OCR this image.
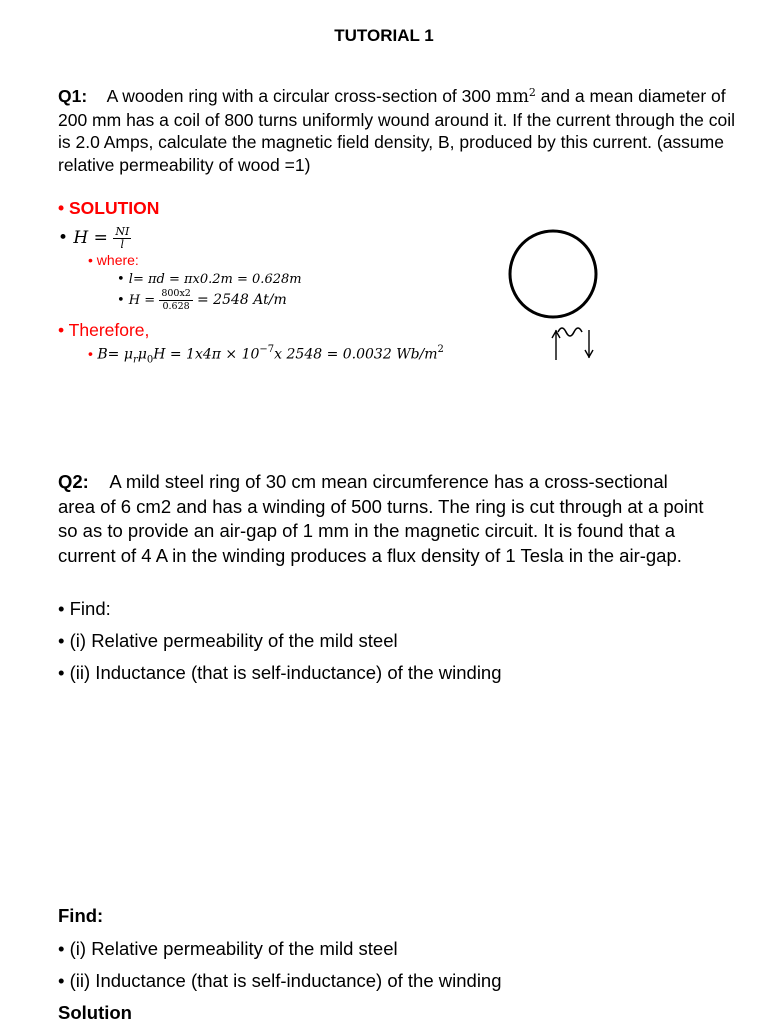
TUTORIAL 1
Q1: A wooden ring with a circular cross-section of 300 $mm^2$ and a mean diameter of 200 mm has a coil of 800 turns uniformly wound around it. If the current through the coil is 2.0 Amps, calculate the magnetic field density, B, produced by this current. (assume relative permeability of wood =1)
• SOLUTION
• $H = \frac{NI}{l}$
• where:
• l= πd = πx0.2m = 0.628m
• $H = \frac{800x2}{0.628} = 2548$ At/m
• Therefore,
• $B= \mu_r\mu_0H = 1x4\pi \times 10^{-7}x$ 2548 = 0.0032 $Wb/m^2$
Q2: A mild steel ring of 30 cm mean circumference has a cross-sectional area of 6 cm2 and has a winding of 500 turns. The ring is cut through at a point so as to provide an air-gap of 1 mm in the magnetic circuit. It is found that a current of 4 A in the winding produces a flux density of 1 Tesla in the air-gap.
• Find:
• (i) Relative permeability of the mild steel
• (ii) Inductance (that is self-inductance) of the winding
Find:
• (i) Relative permeability of the mild steel
• (ii) Inductance (that is self-inductance) of the winding
Solution
